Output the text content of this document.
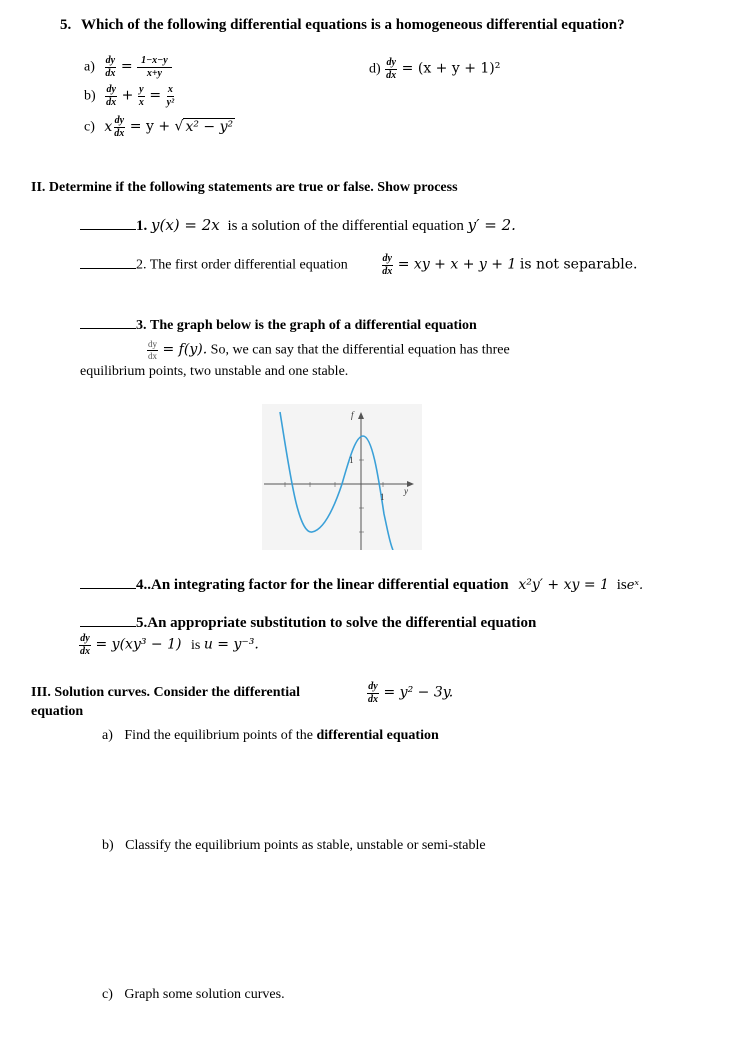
5. Which of the following differential equations is a homogeneous differential equation?
$a) \frac{dy}{dx} = \frac{1-x-y}{x+y}$	$d) \frac{dy}{dx} = (x + y + 1)^2$
$b) \frac{dy}{dx} + \frac{y}{x} = \frac{x}{\text{y²}}$
c) x $\frac{dy}{dx} = y$ + √ x² − y²
II. Determine if the following statements are true or false. Show process
1. y(x) = 2x is a solution of the differential equation y′ = 2.
2. The first order differential equation	$\frac{dy}{dx}$ = xy + x + y + 1 is not separable.
3. The graph below is the graph of a differential equation
$\frac{dy}{dx} = f(y)$. So, we can say that the differential equation has three
equilibrium points, two unstable and one stable.
f
1
1
y
4..An integrating factor for the linear differential equation x²y′ + xy = 1 iseˣ.
5.An appropriate substitution to solve the differential equation
$\frac{dy}{dx} = y(xy^3 - 1)$ is u = y⁻³.
III. Solution curves. Consider the differential	$\frac{dy}{dx} = y^2 - 3y$.
equation
a) Find the equilibrium points of the differential equation
b) Classify the equilibrium points as stable, unstable or semi-stable
c) Graph some solution curves.
